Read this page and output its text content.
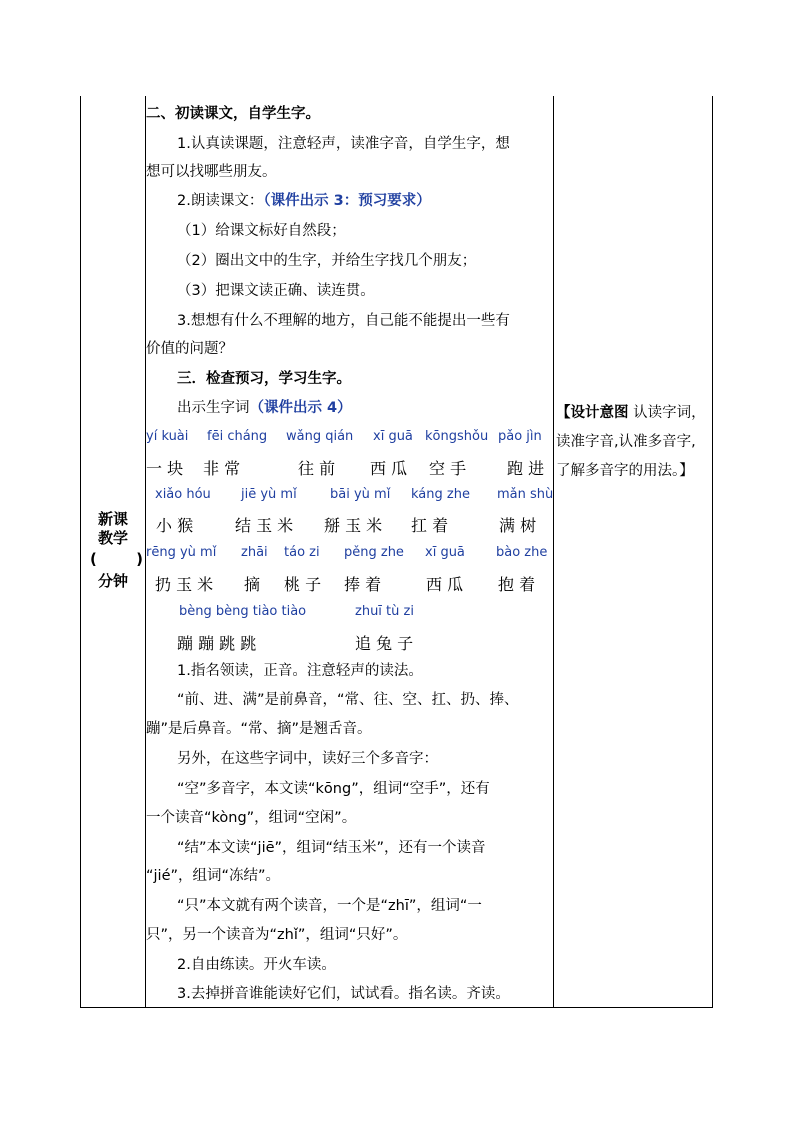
新课
教学
(	)
分钟
二、初读课文，自学生字。
1.认真读课题，注意轻声，读准字音，自学生字，想
想可以找哪些朋友。
2.朗读课文：（课件出示 3：预习要求）
（1）给课文标好自然段；
（2）圈出文中的生字，并给生字找几个朋友；
（3）把课文读正确、读连贯。
3.想想有什么不理解的地方，自己能不能提出一些有
价值的问题？
三．检查预习，学习生字。
出示生字词（课件出示 4）
yí kuài fēi cháng wǎng qián xī guā kōngshǒu pǎo jìn
一 块 非 常	往 前 西 瓜 空 手	跑 进
xiǎo hóu jiē yù mǐ	bāi yù mǐ káng zhe mǎn shù
小 猴	结 玉 米 掰 玉 米 扛 着	满 树
rēng yù mǐ zhāi táo zi pěng zhe xī guā bào zhe
扔 玉 米 摘 桃 子 捧 着	西 瓜 抱 着
bèng bèng tiào tiào	zhuī tù zi
蹦 蹦 跳 跳	追 兔 子
1.指名领读，正音。注意轻声的读法。
“前、进、满”是前鼻音，“常、往、空、扛、扔、捧、
蹦”是后鼻音。“常、摘”是翘舌音。
另外，在这些字词中，读好三个多音字：
“空”多音字，本文读“kōng”，组词“空手”，还有
一个读音“kòng”，组词“空闲”。
“结”本文读“jiē”，组词“结玉米”，还有一个读音
“jié”，组词“冻结”。
“只”本文就有两个读音，一个是“zhī”，组词“一
只”，另一个读音为“zhǐ”，组词“只好”。
2.自由练读。开火车读。
3.去掉拼音谁能读好它们，试试看。指名读。齐读。
【设计意图 认读字词，
读准字音,认准多音字,
了解多音字的用法。】
